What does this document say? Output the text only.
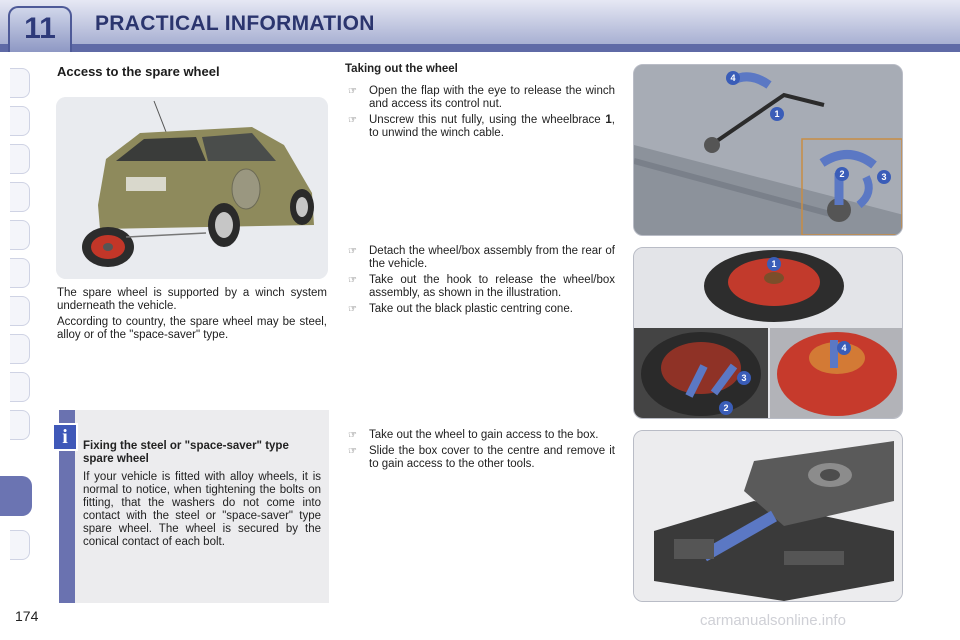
11	PRACTICAL INFORMATION
Access to the spare wheel
The spare wheel is supported by a winch system underneath the vehicle.
According to country, the spare wheel may be steel, alloy or of the "space-saver" type.
i	Fixing the steel or "space-saver" type spare wheel
If your vehicle is fitted with alloy wheels, it is normal to notice, when tightening the bolts on fitting, that the washers do not come into contact with the steel or "space-saver" type spare wheel. The wheel is secured by the conical contact of each bolt.
Taking out the wheel
☞ Open the flap with the eye to release the winch and access its control nut.
☞ Unscrew this nut fully, using the wheelbrace 1, to unwind the winch cable.
☞ Detach the wheel/box assembly from the rear of the vehicle.
☞ Take out the hook to release the wheel/box assembly, as shown in the illustration.
☞ Take out the black plastic centring cone.
☞ Take out the wheel to gain access to the box.
☞ Slide the box cover to the centre and remove it to gain access to the other tools.
1
4
2	3
1
3
2
4
174	carmanualsonline.info
